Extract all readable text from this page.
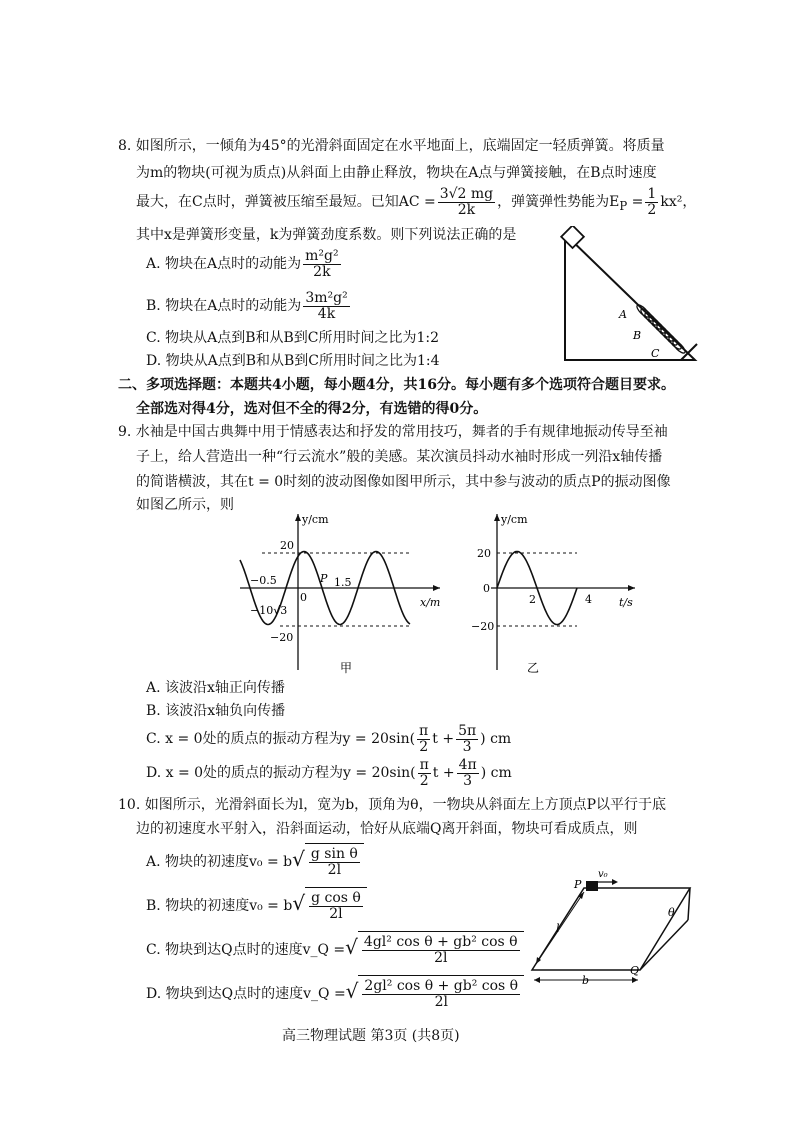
8. 如图所示，一倾角为45°的光滑斜面固定在水平地面上，底端固定一轻质弹簧。将质量
为m的物块(可视为质点)从斜面上由静止释放，物块在A点与弹簧接触，在B点时速度
最大，在C点时，弹簧被压缩至最短。已知AC = $\frac{3√2 mg}{2k}$ ，弹簧弹性势能为$E_P = \frac{1}{2} kx^2$，
其中x是弹簧形变量，k为弹簧劲度系数。则下列说法正确的是
A. 物块在A点时的动能为 $\frac{\text{m²g²}}{2k}$
B. 物块在A点时的动能为 $\frac{\text{3m²g²}}{4k}$
C. 物块从A点到B和从B到C所用时间之比为1:2
D. 物块从A点到B和从B到C所用时间之比为1:4
A
B
C
二、多项选择题：本题共4小题，每小题4分，共16分。每小题有多个选项符合题目要求。
全部选对得4分，选对但不全的得2分，有选错的得0分。
9. 水袖是中国古典舞中用于情感表达和抒发的常用技巧，舞者的手有规律地振动传导至袖
子上，给人营造出一种“行云流水”般的美感。某次演员抖动水袖时形成一列沿x轴传播
的简谐横波，其在t = 0时刻的波动图像如图甲所示，其中参与波动的质点P的振动图像
如图乙所示，则
y/cm
20
−20
−10√3
−0.5
0
P 1.5
x/m
甲
y/cm
20
−20
0
2	4 t/s
乙
A. 该波沿x轴正向传播
B. 该波沿x轴负向传播
C. x = 0处的质点的振动方程为$y = 20\sin( \frac{\pi}{2}$ $t + \frac{5\pi}{3}$ ) cm
D. x = 0处的质点的振动方程为$y = 20\sin( \frac{\pi}{2}$ $t + \frac{4\pi}{3}$ ) cm
10. 如图所示，光滑斜面长为l，宽为b，顶角为θ，一物块从斜面左上方顶点P以平行于底
边的初速度水平射入，沿斜面运动，恰好从底端Q离开斜面，物块可看成质点，则
A. 物块的初速度$v_0 = b√ \frac{\text{g sin θ}}{2l}$
B. 物块的初速度$v_0 = b√ \frac{\text{g cos θ}}{2l}$
C. 物块到达Q点时的速度v_Q =√ $\frac{\text{4gl² cos θ + gb² cos θ}}{2l}$
D. 物块到达Q点时的速度v_Q =√ $\frac{\text{2gl² cos θ + gb² cos θ}}{2l}$
P
v₀
l
b
Q
θ
高三物理试题 第3页 (共8页)
